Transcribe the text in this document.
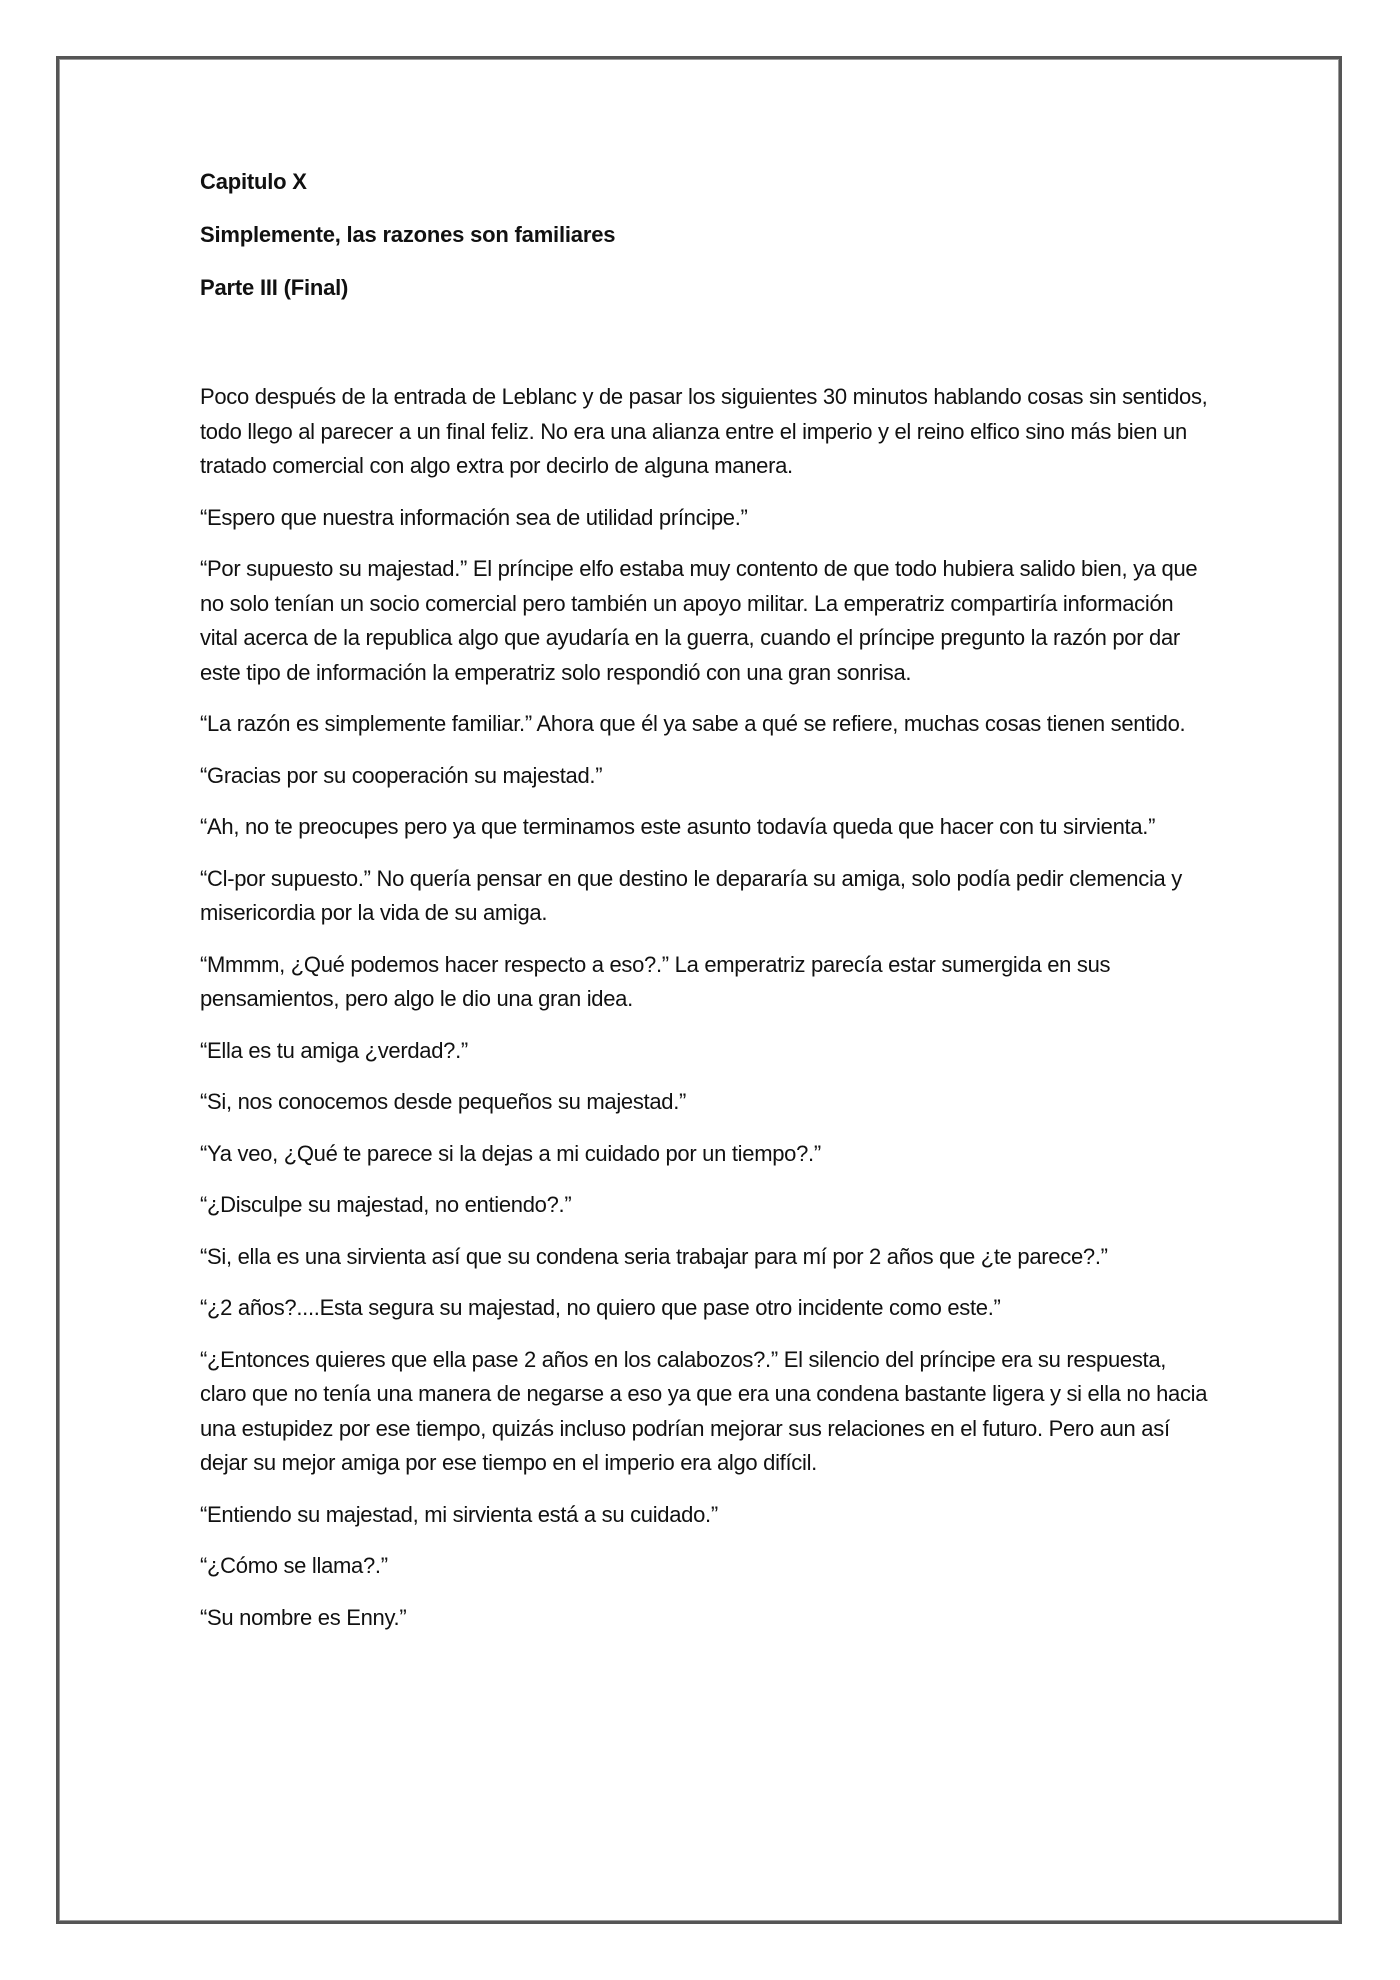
Capitulo X
Simplemente, las razones son familiares
Parte III (Final)

Poco después de la entrada de Leblanc y de pasar los siguientes 30 minutos hablando cosas sin sentidos, todo llego al parecer a un final feliz. No era una alianza entre el imperio y el reino elfico sino más bien un tratado comercial con algo extra por decirlo de alguna manera.

“Espero que nuestra información sea de utilidad príncipe.”

“Por supuesto su majestad.” El príncipe elfo estaba muy contento de que todo hubiera salido bien, ya que no solo tenían un socio comercial pero también un apoyo militar. La emperatriz compartiría información vital acerca de la republica algo que ayudaría en la guerra, cuando el príncipe pregunto la razón por dar este tipo de información la emperatriz solo respondió con una gran sonrisa.

“La razón es simplemente familiar.” Ahora que él ya sabe a qué se refiere, muchas cosas tienen sentido.

“Gracias por su cooperación su majestad.”

“Ah, no te preocupes pero ya que terminamos este asunto todavía queda que hacer con tu sirvienta.”

“Cl-por supuesto.” No quería pensar en que destino le depararía su amiga, solo podía pedir clemencia y misericordia por la vida de su amiga.

“Mmmm, ¿Qué podemos hacer respecto a eso?.” La emperatriz parecía estar sumergida en sus pensamientos, pero algo le dio una gran idea.

“Ella es tu amiga ¿verdad?.”

“Si, nos conocemos desde pequeños su majestad.”

“Ya veo, ¿Qué te parece si la dejas a mi cuidado por un tiempo?.”

“¿Disculpe su majestad, no entiendo?.”

“Si, ella es una sirvienta así que su condena seria trabajar para mí por 2 años que ¿te parece?.”

“¿2 años?....Esta segura su majestad, no quiero que pase otro incidente como este.”

“¿Entonces quieres que ella pase 2 años en los calabozos?.” El silencio del príncipe era su respuesta, claro que no tenía una manera de negarse a eso ya que era una condena bastante ligera y si ella no hacia una estupidez por ese tiempo, quizás incluso podrían mejorar sus relaciones en el futuro. Pero aun así dejar su mejor amiga por ese tiempo en el imperio era algo difícil.

“Entiendo su majestad, mi sirvienta está a su cuidado.”

“¿Cómo se llama?.”

“Su nombre es Enny.”
